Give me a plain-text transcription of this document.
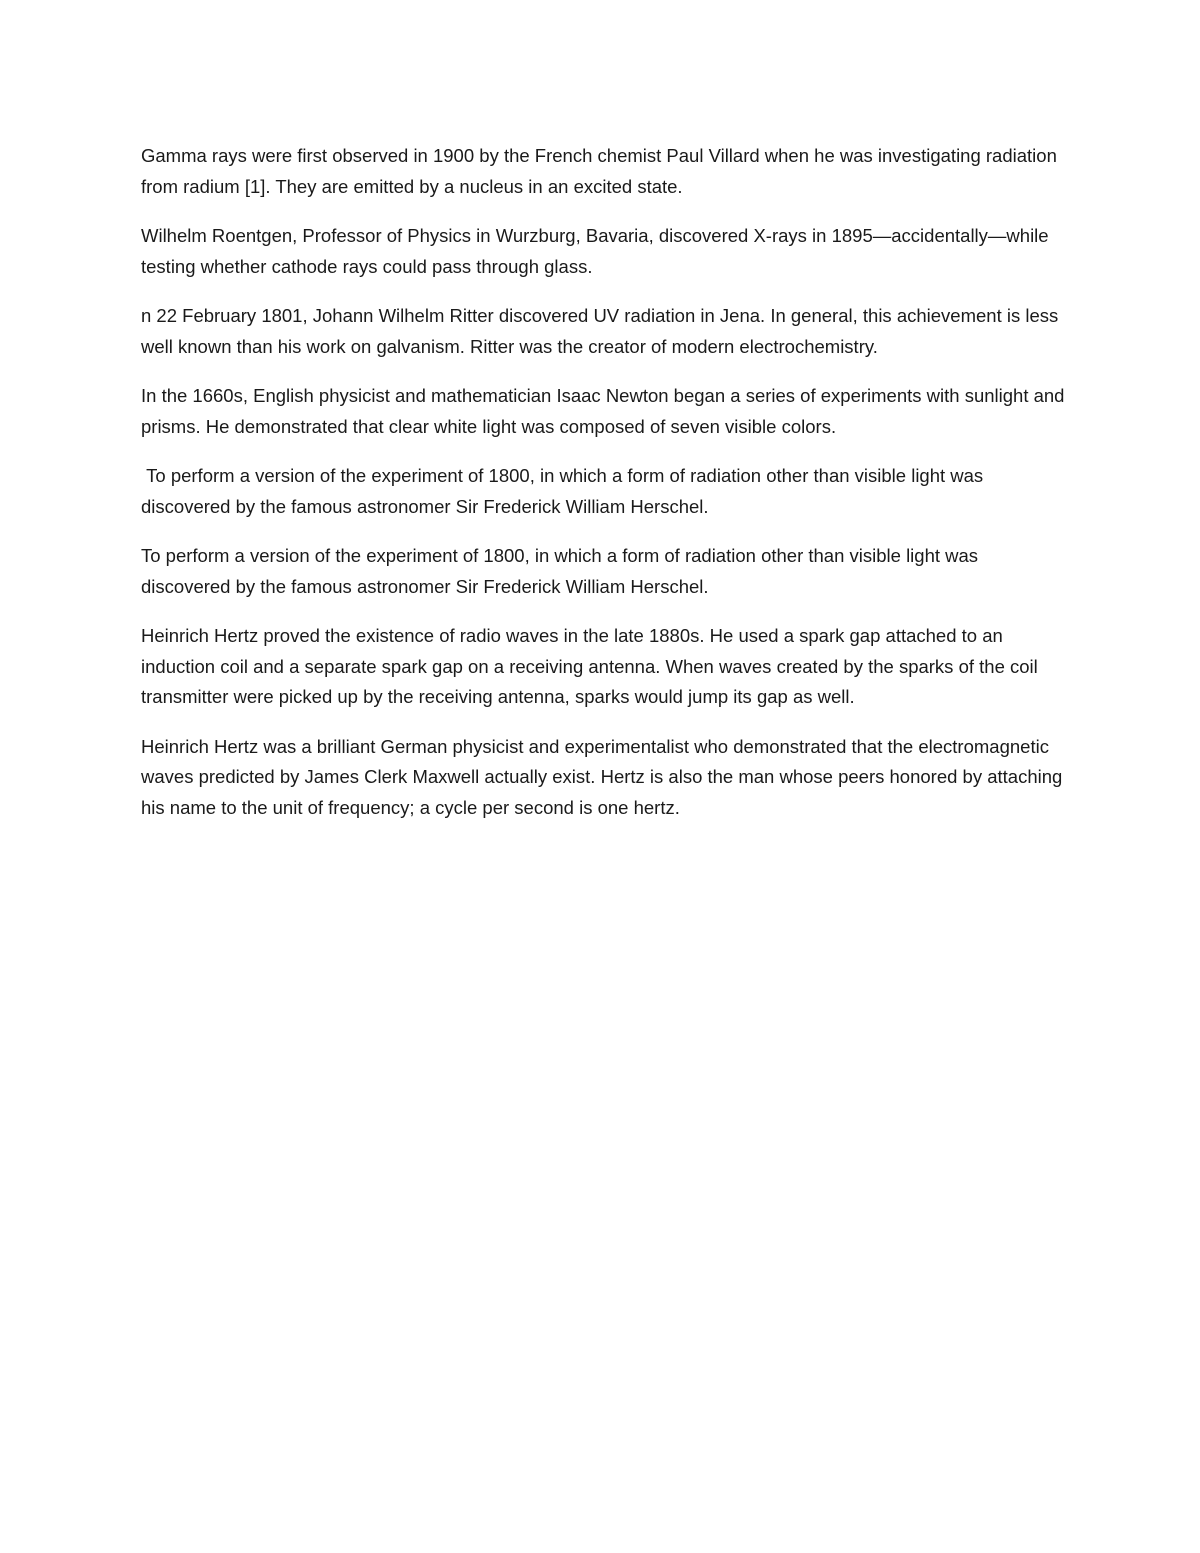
Gamma rays were first observed in 1900 by the French chemist Paul Villard when he was investigating radiation from radium [1]. They are emitted by a nucleus in an excited state.

Wilhelm Roentgen, Professor of Physics in Wurzburg, Bavaria, discovered X-rays in 1895—accidentally—while testing whether cathode rays could pass through glass.

n 22 February 1801, Johann Wilhelm Ritter discovered UV radiation in Jena. In general, this achievement is less well known than his work on galvanism. Ritter was the creator of modern electrochemistry.

In the 1660s, English physicist and mathematician Isaac Newton began a series of experiments with sunlight and prisms. He demonstrated that clear white light was composed of seven visible colors.

To perform a version of the experiment of 1800, in which a form of radiation other than visible light was discovered by the famous astronomer Sir Frederick William Herschel.

To perform a version of the experiment of 1800, in which a form of radiation other than visible light was discovered by the famous astronomer Sir Frederick William Herschel.

Heinrich Hertz proved the existence of radio waves in the late 1880s. He used a spark gap attached to an induction coil and a separate spark gap on a receiving antenna. When waves created by the sparks of the coil transmitter were picked up by the receiving antenna, sparks would jump its gap as well.

Heinrich Hertz was a brilliant German physicist and experimentalist who demonstrated that the electromagnetic waves predicted by James Clerk Maxwell actually exist. Hertz is also the man whose peers honored by attaching his name to the unit of frequency; a cycle per second is one hertz.
